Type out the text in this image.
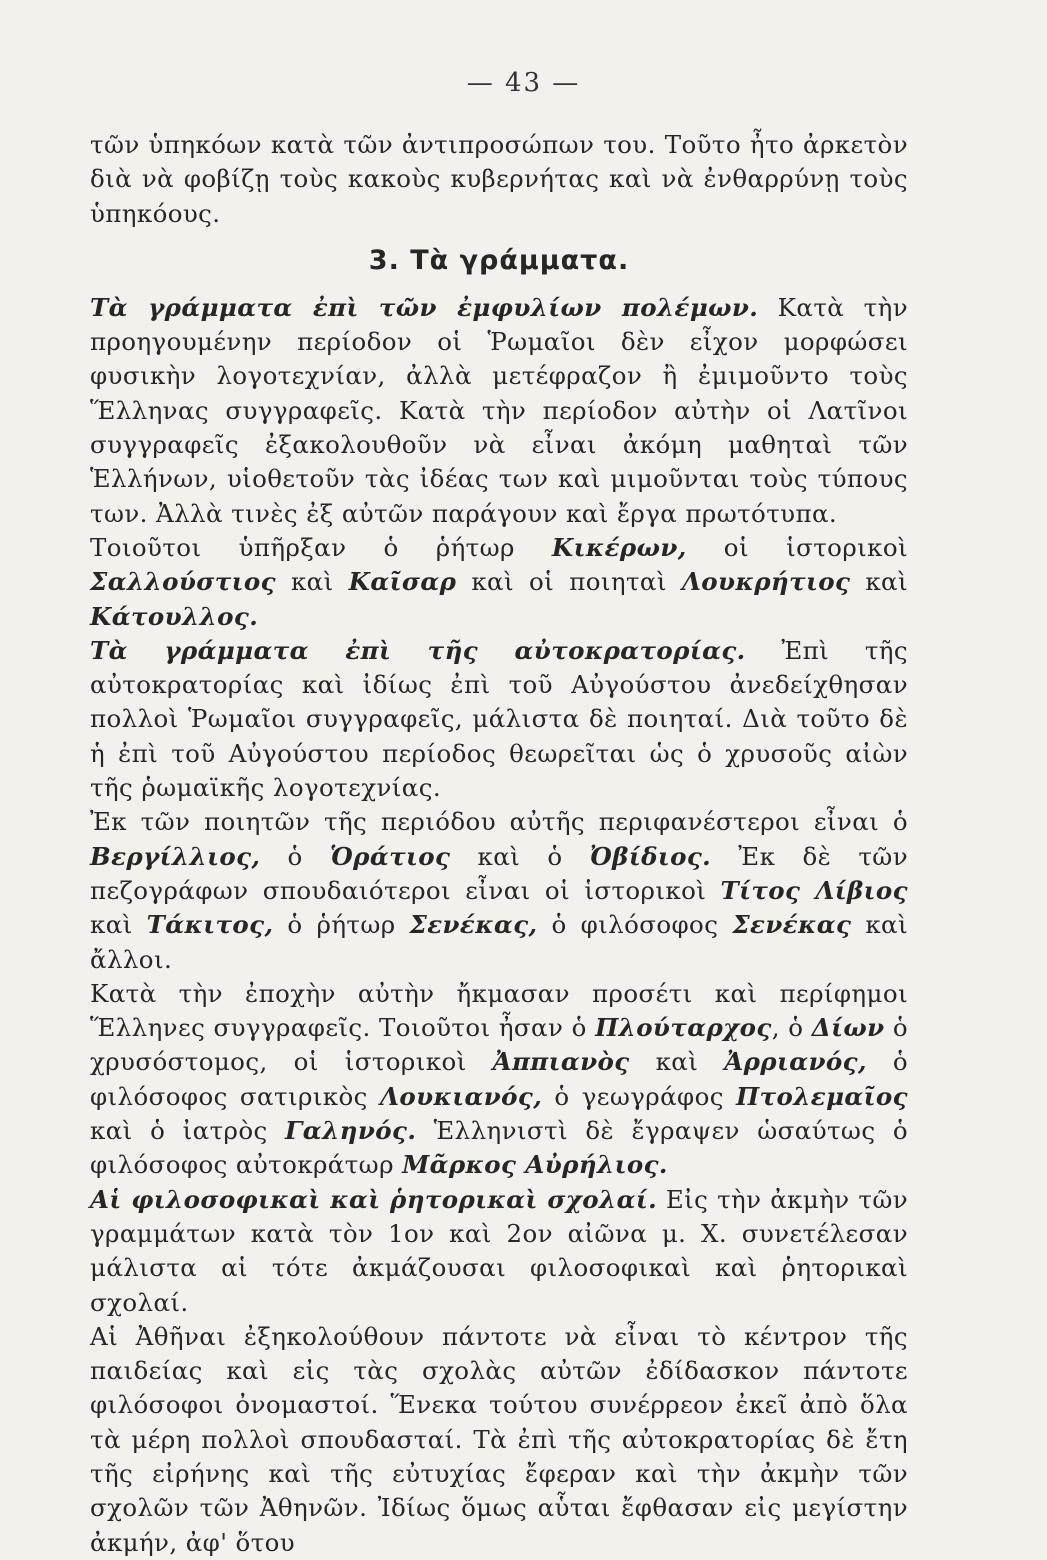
— 43 —

τῶν ὑπηκόων κατὰ τῶν ἀντιπροσώπων του. Τοῦτο ἦτο ἀρκετὸν διὰ νὰ φοβίζῃ τοὺς κακοὺς κυβερνήτας καὶ νὰ ἐνθαρρύνῃ τοὺς ὑπηκόους.

3. Τὰ γράμματα.

Τὰ γράμματα ἐπὶ τῶν ἐμφυλίων πολέμων. Κατὰ τὴν προηγουμένην περίοδον οἱ Ῥωμαῖοι δὲν εἶχον μορφώσει φυσικὴν λογοτεχνίαν, ἀλλὰ μετέφραζον ἢ ἐμιμοῦντο τοὺς Ἕλληνας συγγραφεῖς. Κατὰ τὴν περίοδον αὐτὴν οἱ Λατῖνοι συγγραφεῖς ἐξακολουθοῦν νὰ εἶναι ἀκόμη μαθηταὶ τῶν Ἑλλήνων, υἱοθετοῦν τὰς ἰδέας των καὶ μιμοῦνται τοὺς τύπους των. Ἀλλὰ τινὲς ἐξ αὐτῶν παράγουν καὶ ἔργα πρωτότυπα.

Τοιοῦτοι ὑπῆρξαν ὁ ῥήτωρ Κικέρων, οἱ ἱστορικοὶ Σαλλούστιος καὶ Καῖσαρ καὶ οἱ ποιηταὶ Λουκρήτιος καὶ Κάτουλλος.

Τὰ γράμματα ἐπὶ τῆς αὐτοκρατορίας. Ἐπὶ τῆς αὐτοκρατορίας καὶ ἰδίως ἐπὶ τοῦ Αὐγούστου ἀνεδείχθησαν πολλοὶ Ῥωμαῖοι συγγραφεῖς, μάλιστα δὲ ποιηταί. Διὰ τοῦτο δὲ ἡ ἐπὶ τοῦ Αὐγούστου περίοδος θεωρεῖται ὡς ὁ χρυσοῦς αἰὼν τῆς ῥωμαϊκῆς λογοτεχνίας.

Ἐκ τῶν ποιητῶν τῆς περιόδου αὐτῆς περιφανέστεροι εἶναι ὁ Βεργίλλιος, ὁ Ὁράτιος καὶ ὁ Ὀβίδιος. Ἐκ δὲ τῶν πεζογράφων σπουδαιότεροι εἶναι οἱ ἱστορικοὶ Τίτος Λίβιος καὶ Τάκιτος, ὁ ῥήτωρ Σενέκας, ὁ φιλόσοφος Σενέκας καὶ ἄλλοι.

Κατὰ τὴν ἐποχὴν αὐτὴν ἤκμασαν προσέτι καὶ περίφημοι Ἕλληνες συγγραφεῖς. Τοιοῦτοι ἦσαν ὁ Πλούταρχος, ὁ Δίων ὁ χρυσόστομος, οἱ ἱστορικοὶ Ἀππιανὸς καὶ Ἀρριανός, ὁ φιλόσοφος σατιρικὸς Λουκιανός, ὁ γεωγράφος Πτολεμαῖος καὶ ὁ ἰατρὸς Γαληνός. Ἑλληνιστὶ δὲ ἔγραψεν ὡσαύτως ὁ φιλόσοφος αὐτοκράτωρ Μᾶρκος Αὐρήλιος.

Αἱ φιλοσοφικαὶ καὶ ῥητορικαὶ σχολαί. Εἰς τὴν ἀκμὴν τῶν γραμμάτων κατὰ τὸν 1ον καὶ 2ον αἰῶνα μ. Χ. συνετέλεσαν μάλιστα αἱ τότε ἀκμάζουσαι φιλοσοφικαὶ καὶ ῥητορικαὶ σχολαί.

Αἱ Ἀθῆναι ἐξηκολούθουν πάντοτε νὰ εἶναι τὸ κέντρον τῆς παιδείας καὶ εἰς τὰς σχολὰς αὐτῶν ἐδίδασκον πάντοτε φιλόσοφοι ὀνομαστοί. Ἕνεκα τούτου συνέρρεον ἐκεῖ ἀπὸ ὅλα τὰ μέρη πολλοὶ σπουδασταί. Τὰ ἐπὶ τῆς αὐτοκρατορίας δὲ ἔτη τῆς εἰρήνης καὶ τῆς εὐτυχίας ἔφεραν καὶ τὴν ἀκμὴν τῶν σχολῶν τῶν Ἀθηνῶν. Ἰδίως ὅμως αὗται ἔφθασαν εἰς μεγίστην ἀκμήν, ἀφ' ὅτου
